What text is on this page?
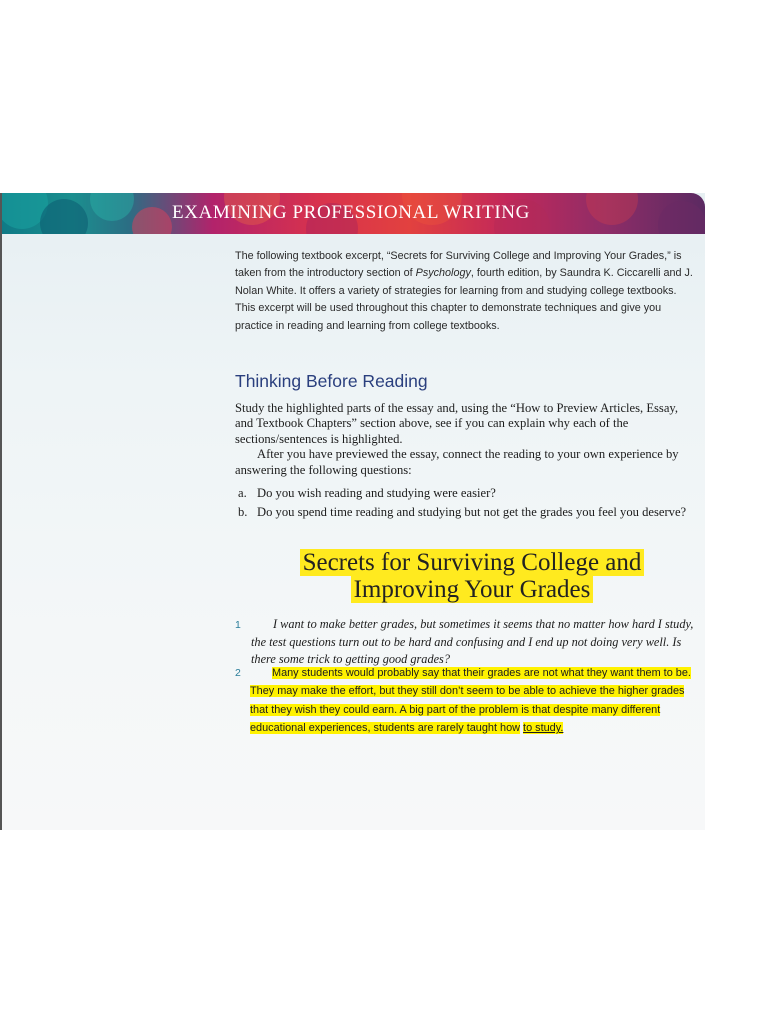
EXAMINING PROFESSIONAL WRITING

The following textbook excerpt, “Secrets for Surviving College and Improving Your Grades,” is taken from the introductory section of Psychology, fourth edition, by Saundra K. Ciccarelli and J. Nolan White. It offers a variety of strategies for learning from and studying college textbooks. This excerpt will be used throughout this chapter to demonstrate techniques and give you practice in reading and learning from college textbooks.

Thinking Before Reading

Study the highlighted parts of the essay and, using the “How to Preview Articles, Essay, and Textbook Chapters” section above, see if you can explain why each of the sections/sentences is highlighted.

After you have previewed the essay, connect the reading to your own experience by answering the following questions:

a. Do you wish reading and studying were easier?
b. Do you spend time reading and studying but not get the grades you feel you deserve?
Secrets for Surviving College and
Improving Your Grades
1	I want to make better grades, but sometimes it seems that no matter how hard I study, the test questions turn out to be hard and confusing and I end up not doing very well. Is there some trick to getting good grades?
2	Many students would probably say that their grades are not what they want them to be. They may make the effort, but they still don’t seem to be able to achieve the higher grades that they wish they could earn. A big part of the problem is that despite many different educational experiences, students are rarely taught how to study.
